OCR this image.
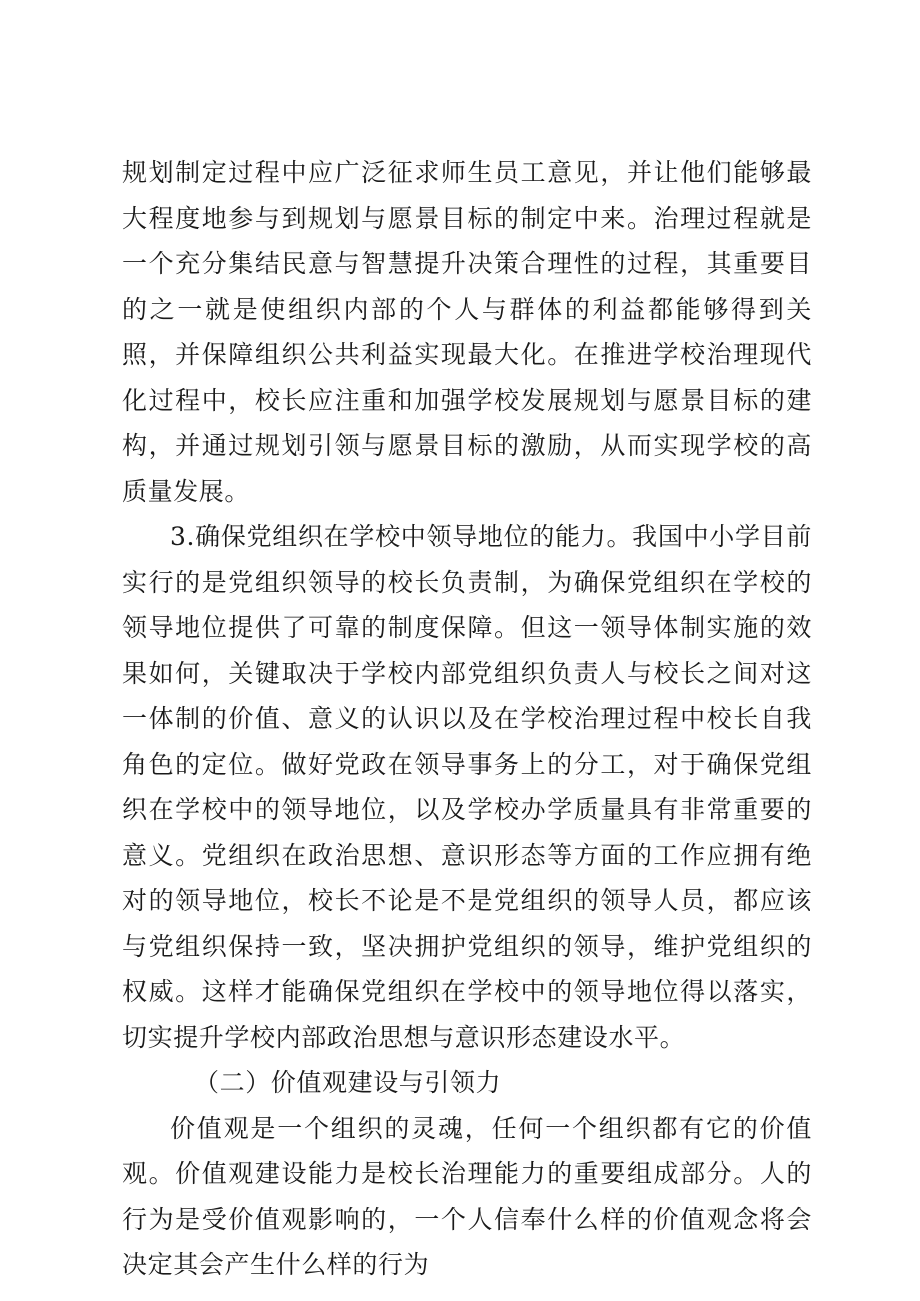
规划制定过程中应广泛征求师生员工意见，并让他们能够最大程度地参与到规划与愿景目标的制定中来。治理过程就是一个充分集结民意与智慧提升决策合理性的过程，其重要目的之一就是使组织内部的个人与群体的利益都能够得到关照，并保障组织公共利益实现最大化。在推进学校治理现代化过程中，校长应注重和加强学校发展规划与愿景目标的建构，并通过规划引领与愿景目标的激励，从而实现学校的高质量发展。

3.确保党组织在学校中领导地位的能力。我国中小学目前实行的是党组织领导的校长负责制，为确保党组织在学校的领导地位提供了可靠的制度保障。但这一领导体制实施的效果如何，关键取决于学校内部党组织负责人与校长之间对这一体制的价值、意义的认识以及在学校治理过程中校长自我角色的定位。做好党政在领导事务上的分工，对于确保党组织在学校中的领导地位，以及学校办学质量具有非常重要的意义。党组织在政治思想、意识形态等方面的工作应拥有绝对的领导地位，校长不论是不是党组织的领导人员，都应该与党组织保持一致，坚决拥护党组织的领导，维护党组织的权威。这样才能确保党组织在学校中的领导地位得以落实，切实提升学校内部政治思想与意识形态建设水平。

（二）价值观建设与引领力

价值观是一个组织的灵魂，任何一个组织都有它的价值观。价值观建设能力是校长治理能力的重要组成部分。人的行为是受价值观影响的，一个人信奉什么样的价值观念将会决定其会产生什么样的行为
